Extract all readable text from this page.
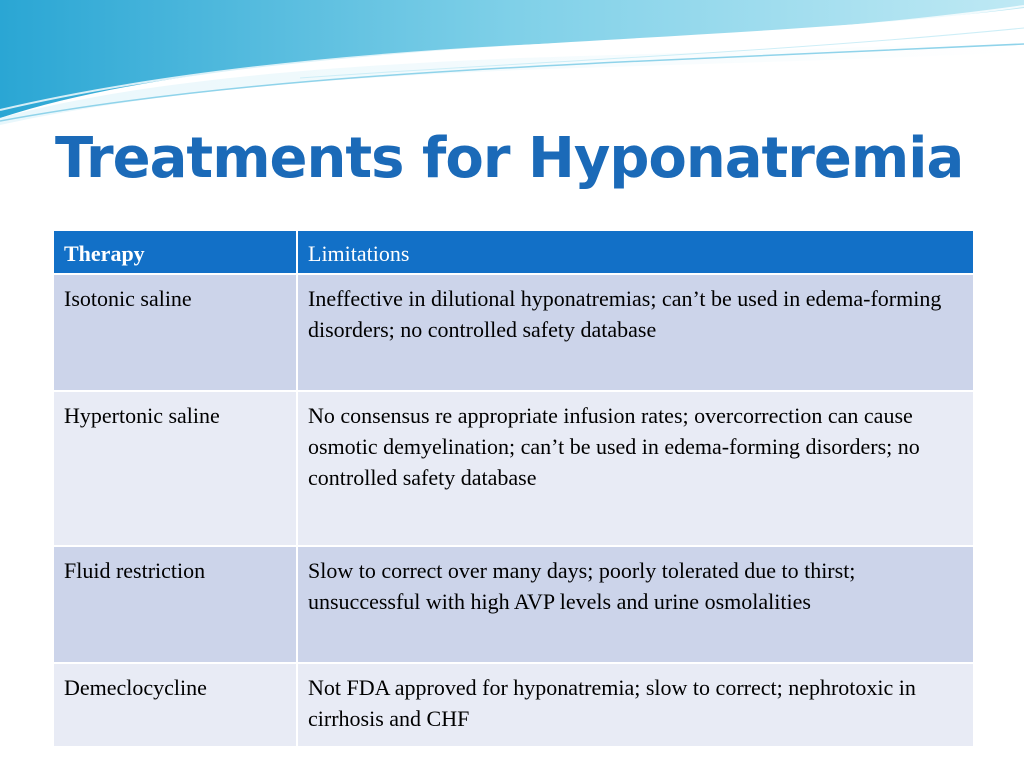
Treatments for Hyponatremia
Therapy	Limitations
Isotonic saline	Ineffective in dilutional hyponatremias; can’t be used in edema-forming disorders; no controlled safety database
Hypertonic saline	No consensus re appropriate infusion rates; overcorrection can cause osmotic demyelination; can’t be used in edema-forming disorders; no controlled safety database
Fluid restriction	Slow to correct over many days; poorly tolerated due to thirst; unsuccessful with high AVP levels and urine osmolalities
Demeclocycline	Not FDA approved for hyponatremia; slow to correct; nephrotoxic in cirrhosis and CHF
